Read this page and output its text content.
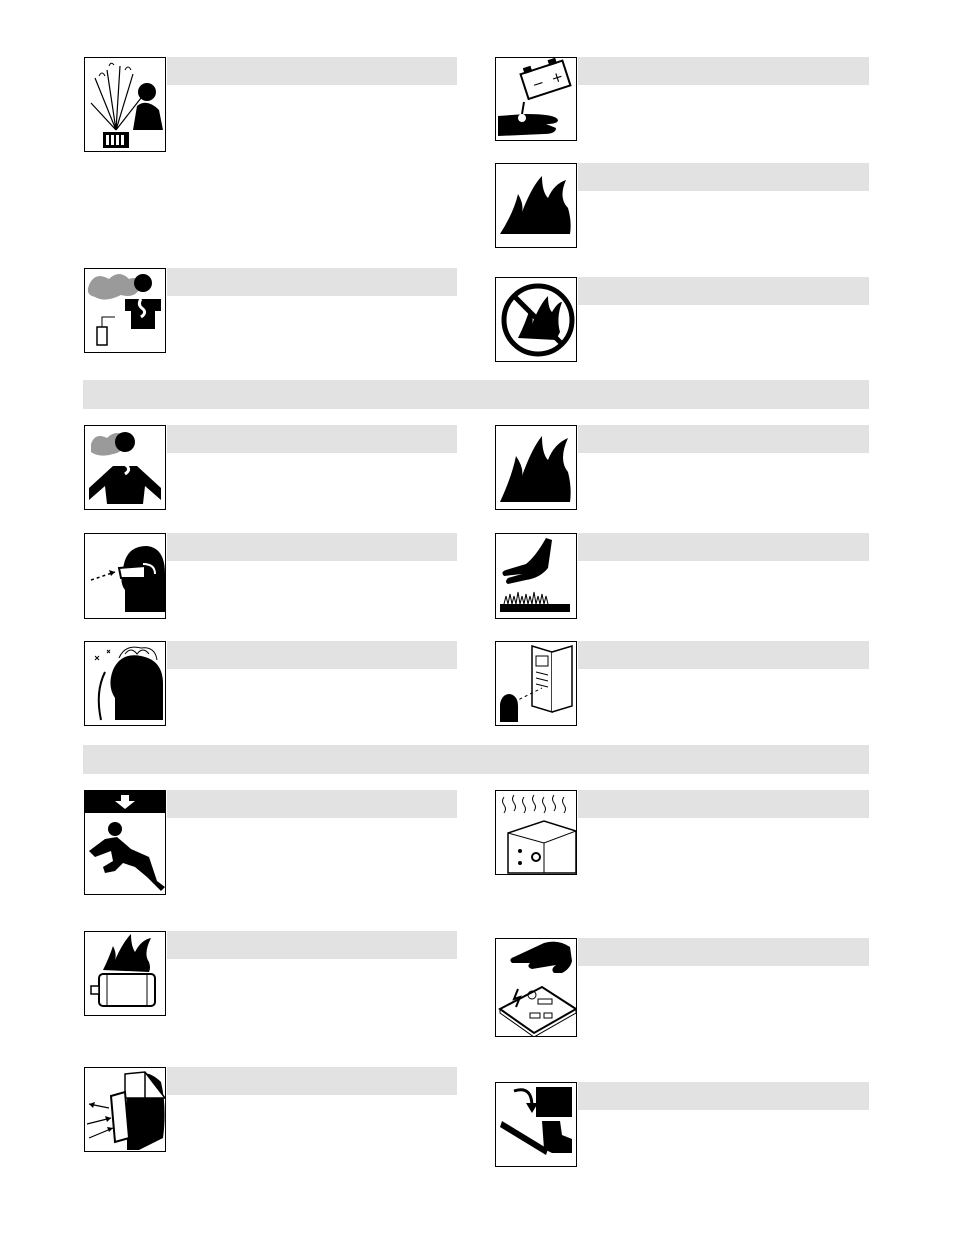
− +
